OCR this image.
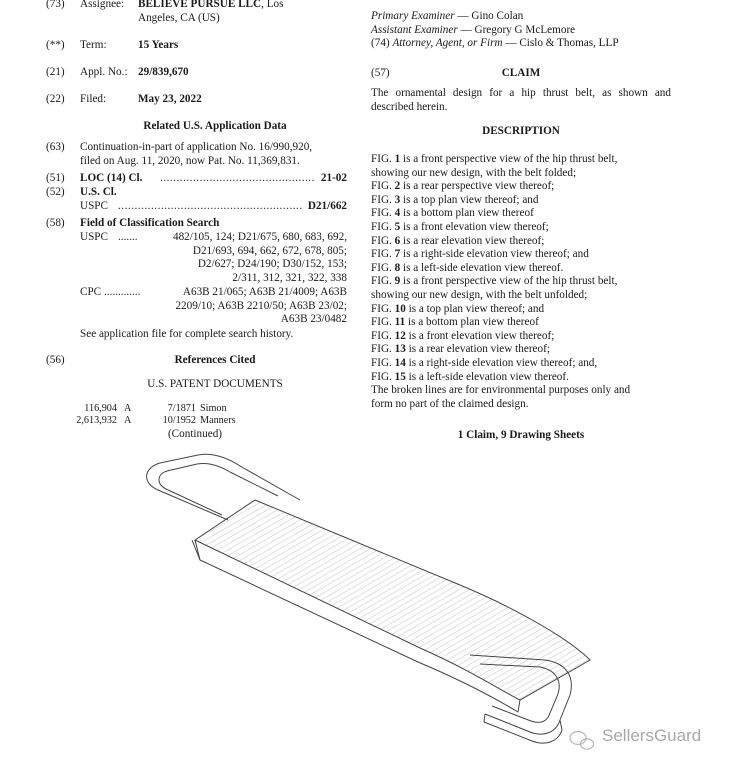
(73) Assignee: BELIEVE PURSUE LLC, Los
Angeles, CA (US)
(**) Term:	15 Years
(21) Appl. No.: 29/839,670
(22) Filed:	May 23, 2022
Related U.S. Application Data
(63) Continuation-in-part of application No. 16/990,920,
filed on Aug. 11, 2020, now Pat. No. 11,369,831.
(51) LOC (14) Cl. ............................................... 21-02
(52) U.S. Cl.
USPC ........................................................ D21/662
(58) Field of Classification Search
USPC .......	482/105, 124; D21/675, 680, 683, 692,
D21/693, 694, 662, 672, 678, 805;
D2/627; D24/190; D30/152, 153;
2/311, 312, 321, 322, 338
CPC .............	A63B 21/065; A63B 21/4009; A63B
2209/10; A63B 2210/50; A63B 23/02;
A63B 23/0482
See application file for complete search history.
(56)	References Cited
U.S. PATENT DOCUMENTS
116,904 A	7/1871 Simon
2,613,932 A	10/1952 Manners
(Continued)
Primary Examiner — Gino Colan
Assistant Examiner — Gregory G McLemore
(74) Attorney, Agent, or Firm — Cislo & Thomas, LLP
(57)	CLAIM
The ornamental design for a hip thrust belt, as shown and described herein.
DESCRIPTION
FIG. 1 is a front perspective view of the hip thrust belt,
showing our new design, with the belt folded;
FIG. 2 is a rear perspective view thereof;
FIG. 3 is a top plan view thereof; and
FIG. 4 is a bottom plan view thereof
FIG. 5 is a front elevation view thereof;
FIG. 6 is a rear elevation view thereof;
FIG. 7 is a right-side elevation view thereof; and
FIG. 8 is a left-side elevation view thereof.
FIG. 9 is a front perspective view of the hip thrust belt,
showing our new design, with the belt unfolded;
FIG. 10 is a top plan view thereof; and
FIG. 11 is a bottom plan view thereof
FIG. 12 is a front elevation view thereof;
FIG. 13 is a rear elevation view thereof;
FIG. 14 is a right-side elevation view thereof; and,
FIG. 15 is a left-side elevation view thereof.
The broken lines are for environmental purposes only and
form no part of the claimed design.
1 Claim, 9 Drawing Sheets
SellersGuard
